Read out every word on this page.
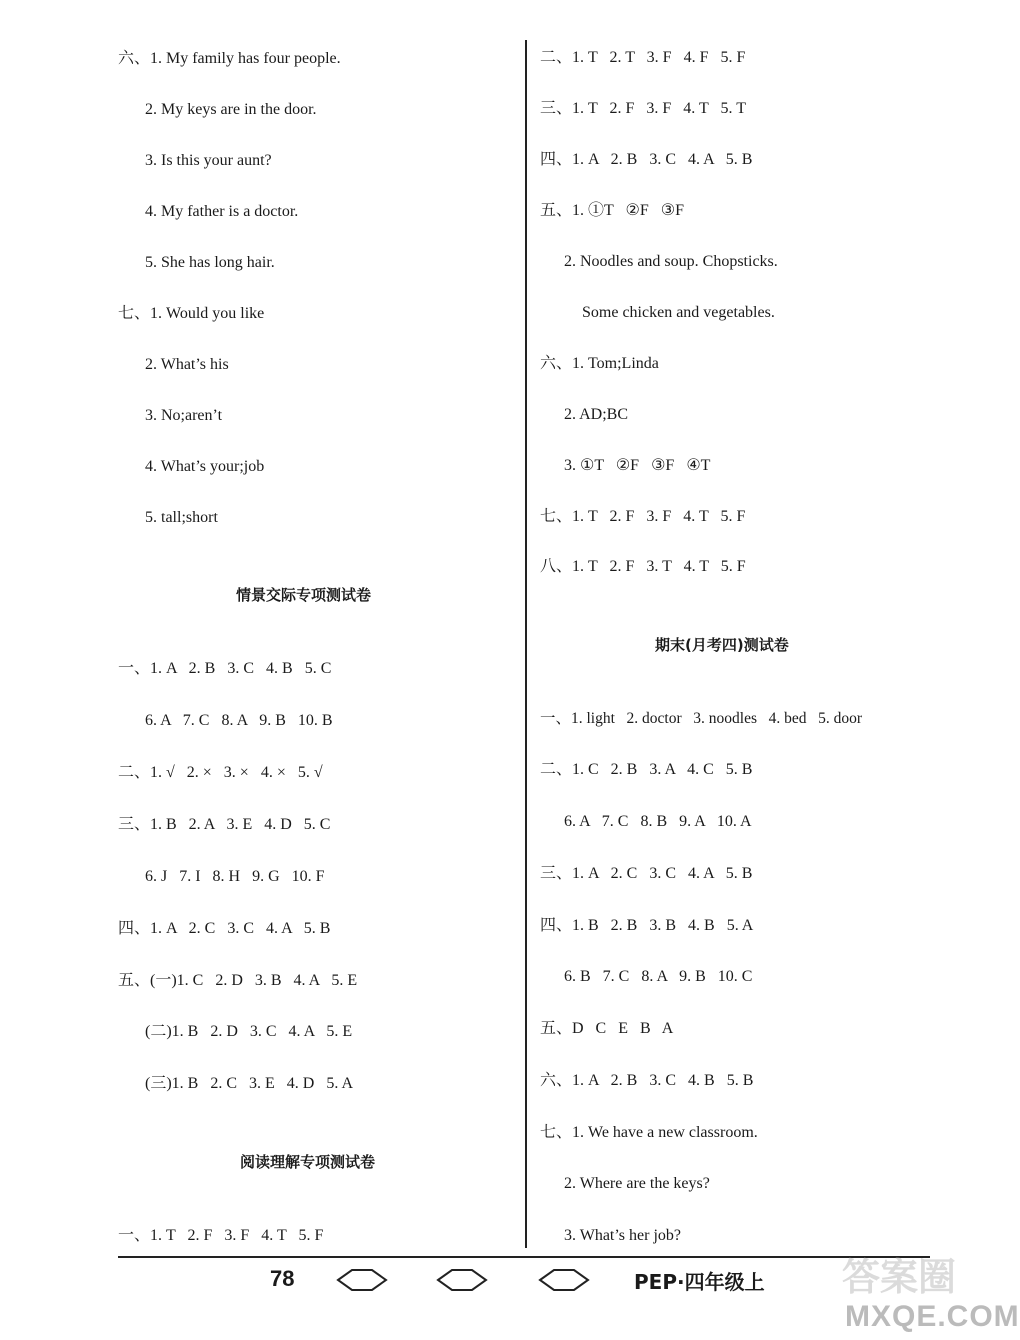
六、1. My family has four people.
2. My keys are in the door.
3. Is this your aunt?
4. My father is a doctor.
5. She has long hair.
七、1. Would you like
2. What’s his
3. No;aren’t
4. What’s your;job
5. tall;short
情景交际专项测试卷
一、1. A   2. B   3. C   4. B   5. C
6. A   7. C   8. A   9. B   10. B
二、1. √   2. ×   3. ×   4. ×   5. √
三、1. B   2. A   3. E   4. D   5. C
6. J   7. I   8. H   9. G   10. F
四、1. A   2. C   3. C   4. A   5. B
五、(一)1. C   2. D   3. B   4. A   5. E
(二)1. B   2. D   3. C   4. A   5. E
(三)1. B   2. C   3. E   4. D   5. A
阅读理解专项测试卷
一、1. T   2. F   3. F   4. T   5. F
二、1. T   2. T   3. F   4. F   5. F
三、1. T   2. F   3. F   4. T   5. T
四、1. A   2. B   3. C   4. A   5. B
五、1. ①T   ②F   ③F
2. Noodles and soup. Chopsticks.
Some chicken and vegetables.
六、1. Tom;Linda
2. AD;BC
3. ①T   ②F   ③F   ④T
七、1. T   2. F   3. F   4. T   5. F
八、1. T   2. F   3. T   4. T   5. F
期末(月考四)测试卷
一、1. light   2. doctor   3. noodles   4. bed   5. door
二、1. C   2. B   3. A   4. C   5. B
6. A   7. C   8. B   9. A   10. A
三、1. A   2. C   3. C   4. A   5. B
四、1. B   2. B   3. B   4. B   5. A
6. B   7. C   8. A   9. B   10. C
五、D   C   E   B   A
六、1. A   2. B   3. C   4. B   5. B
七、1. We have a new classroom.
2. Where are the keys?
3. What’s her job?
78	PEP·四年级上 答案圈
MXQE.COM
